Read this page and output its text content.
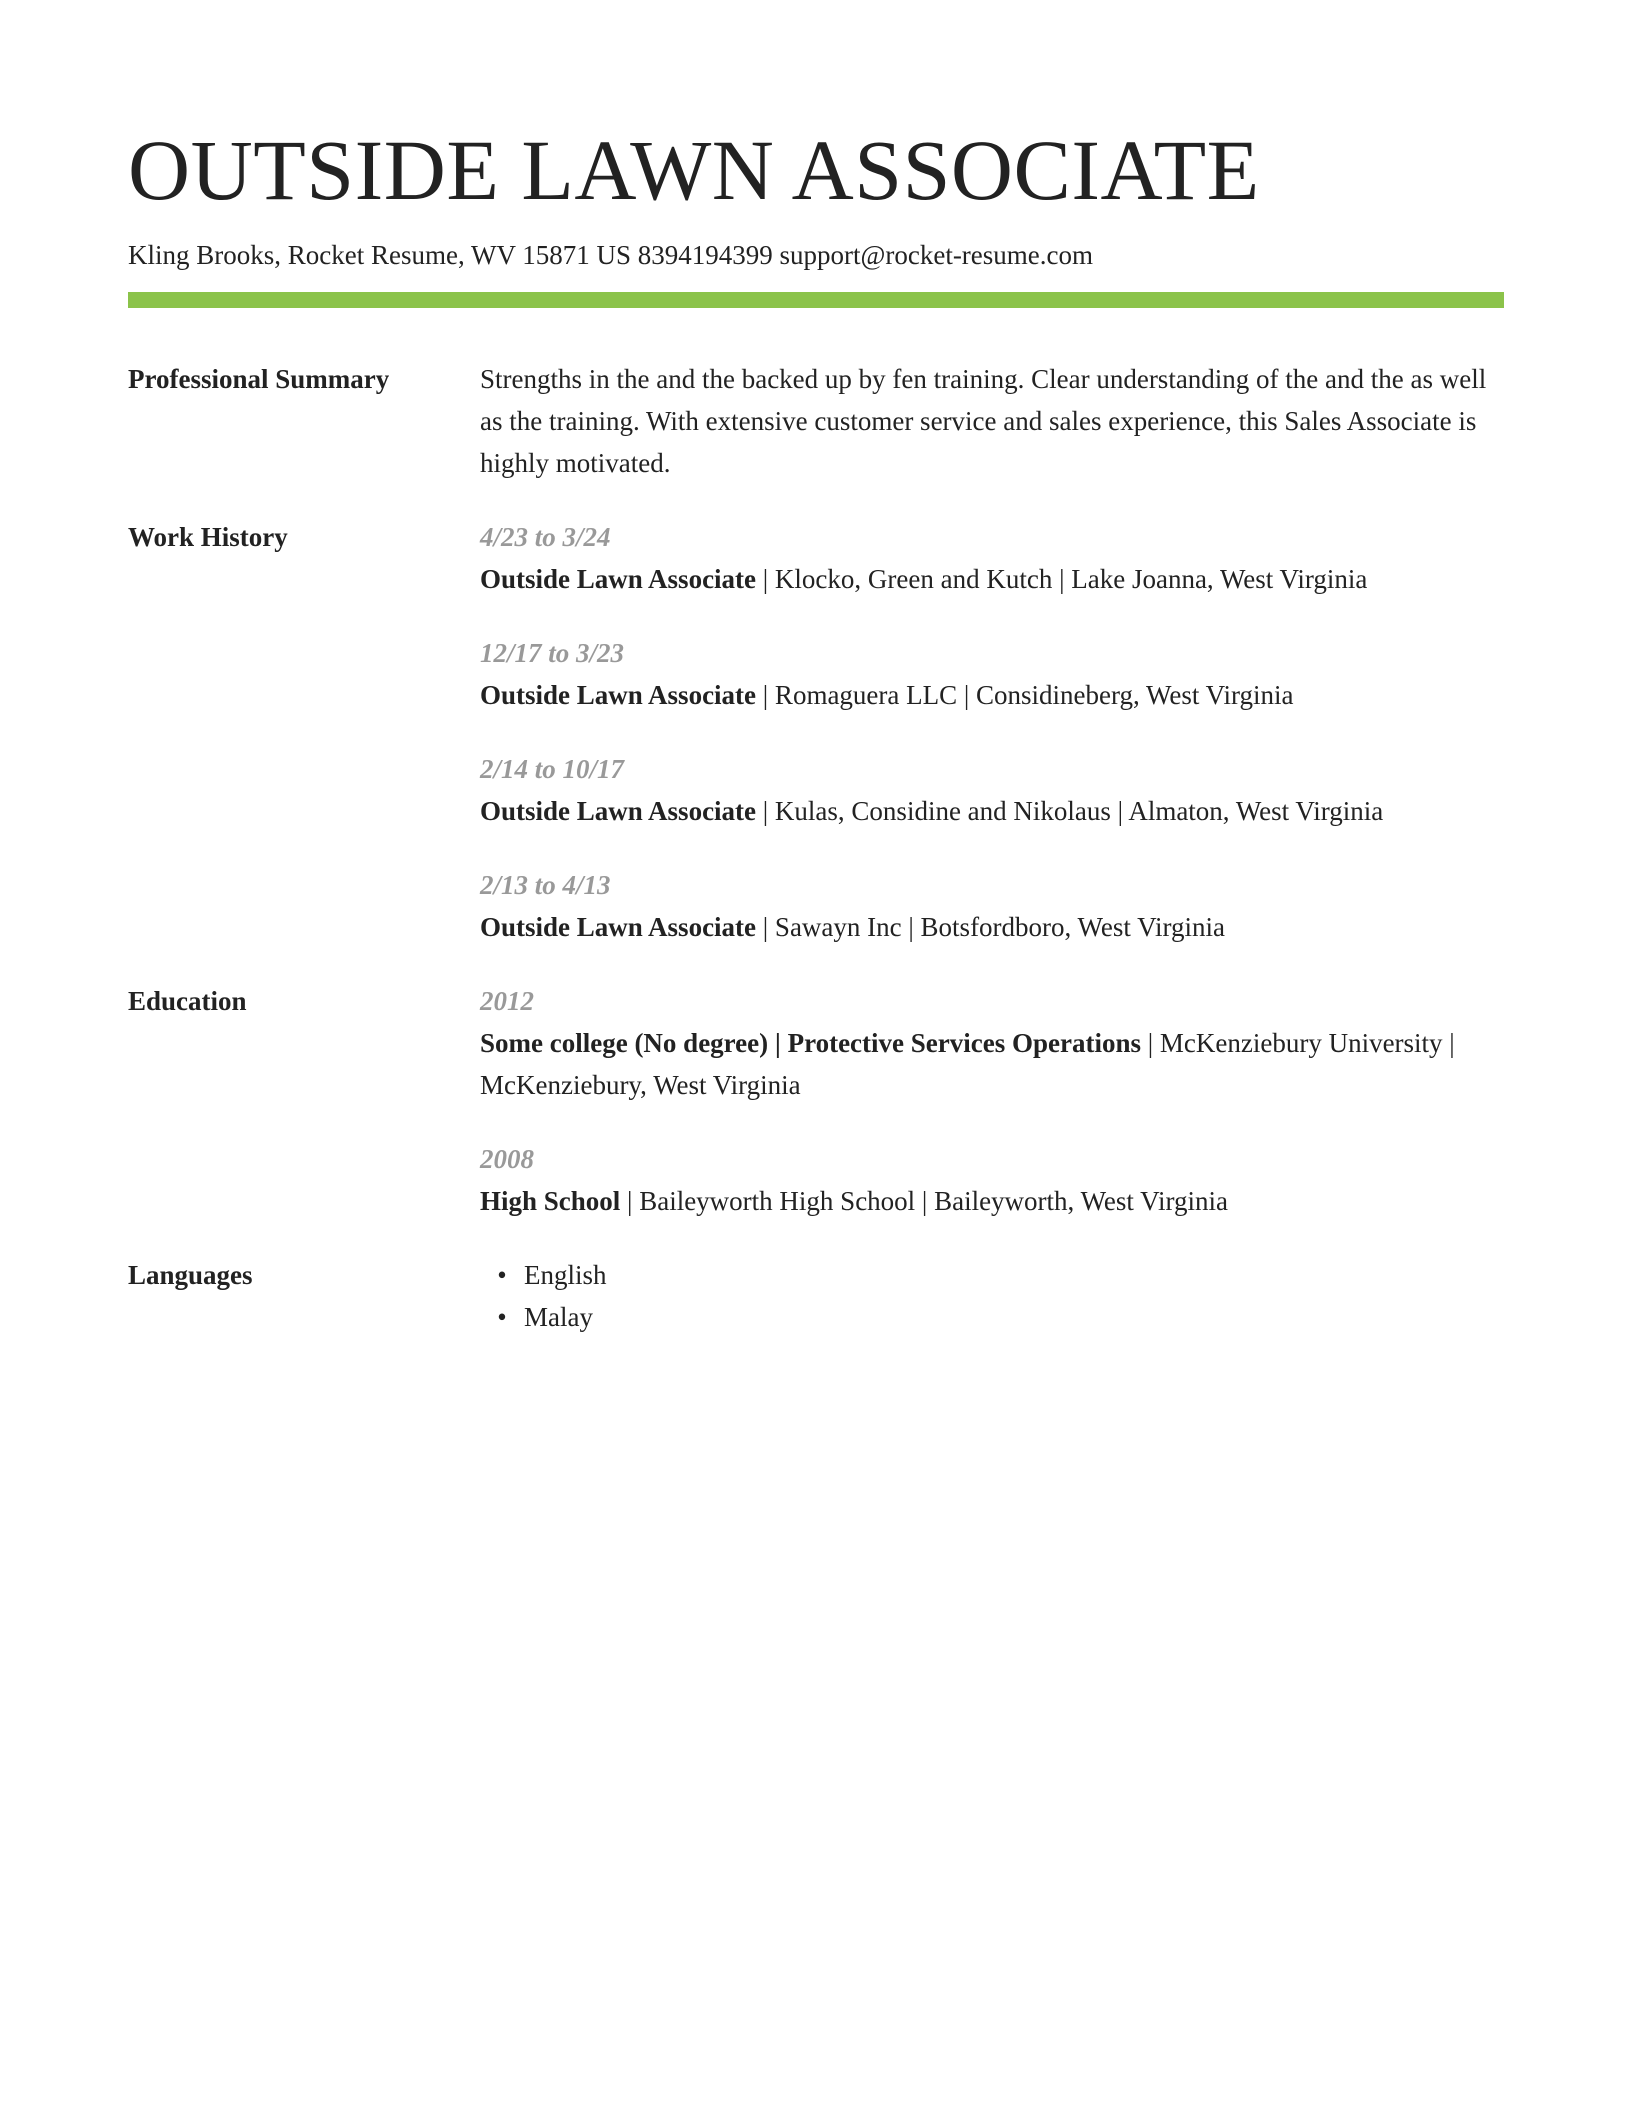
OUTSIDE LAWN ASSOCIATE
Kling Brooks, Rocket Resume, WV 15871 US 8394194399 support@rocket-resume.com
Professional Summary	Strengths in the and the backed up by fen training. Clear understanding of the and the as well as the training. With extensive customer service and sales experience, this Sales Associate is highly motivated.
Work History	4/23 to 3/24
Outside Lawn Associate | Klocko, Green and Kutch | Lake Joanna, West Virginia
12/17 to 3/23
Outside Lawn Associate | Romaguera LLC | Considineberg, West Virginia
2/14 to 10/17
Outside Lawn Associate | Kulas, Considine and Nikolaus | Almaton, West Virginia
2/13 to 4/13
Outside Lawn Associate | Sawayn Inc | Botsfordboro, West Virginia
Education	2012
Some college (No degree) | Protective Services Operations | McKenziebury University | McKenziebury, West Virginia
2008
High School | Baileyworth High School | Baileyworth, West Virginia
Languages	• English
• Malay
